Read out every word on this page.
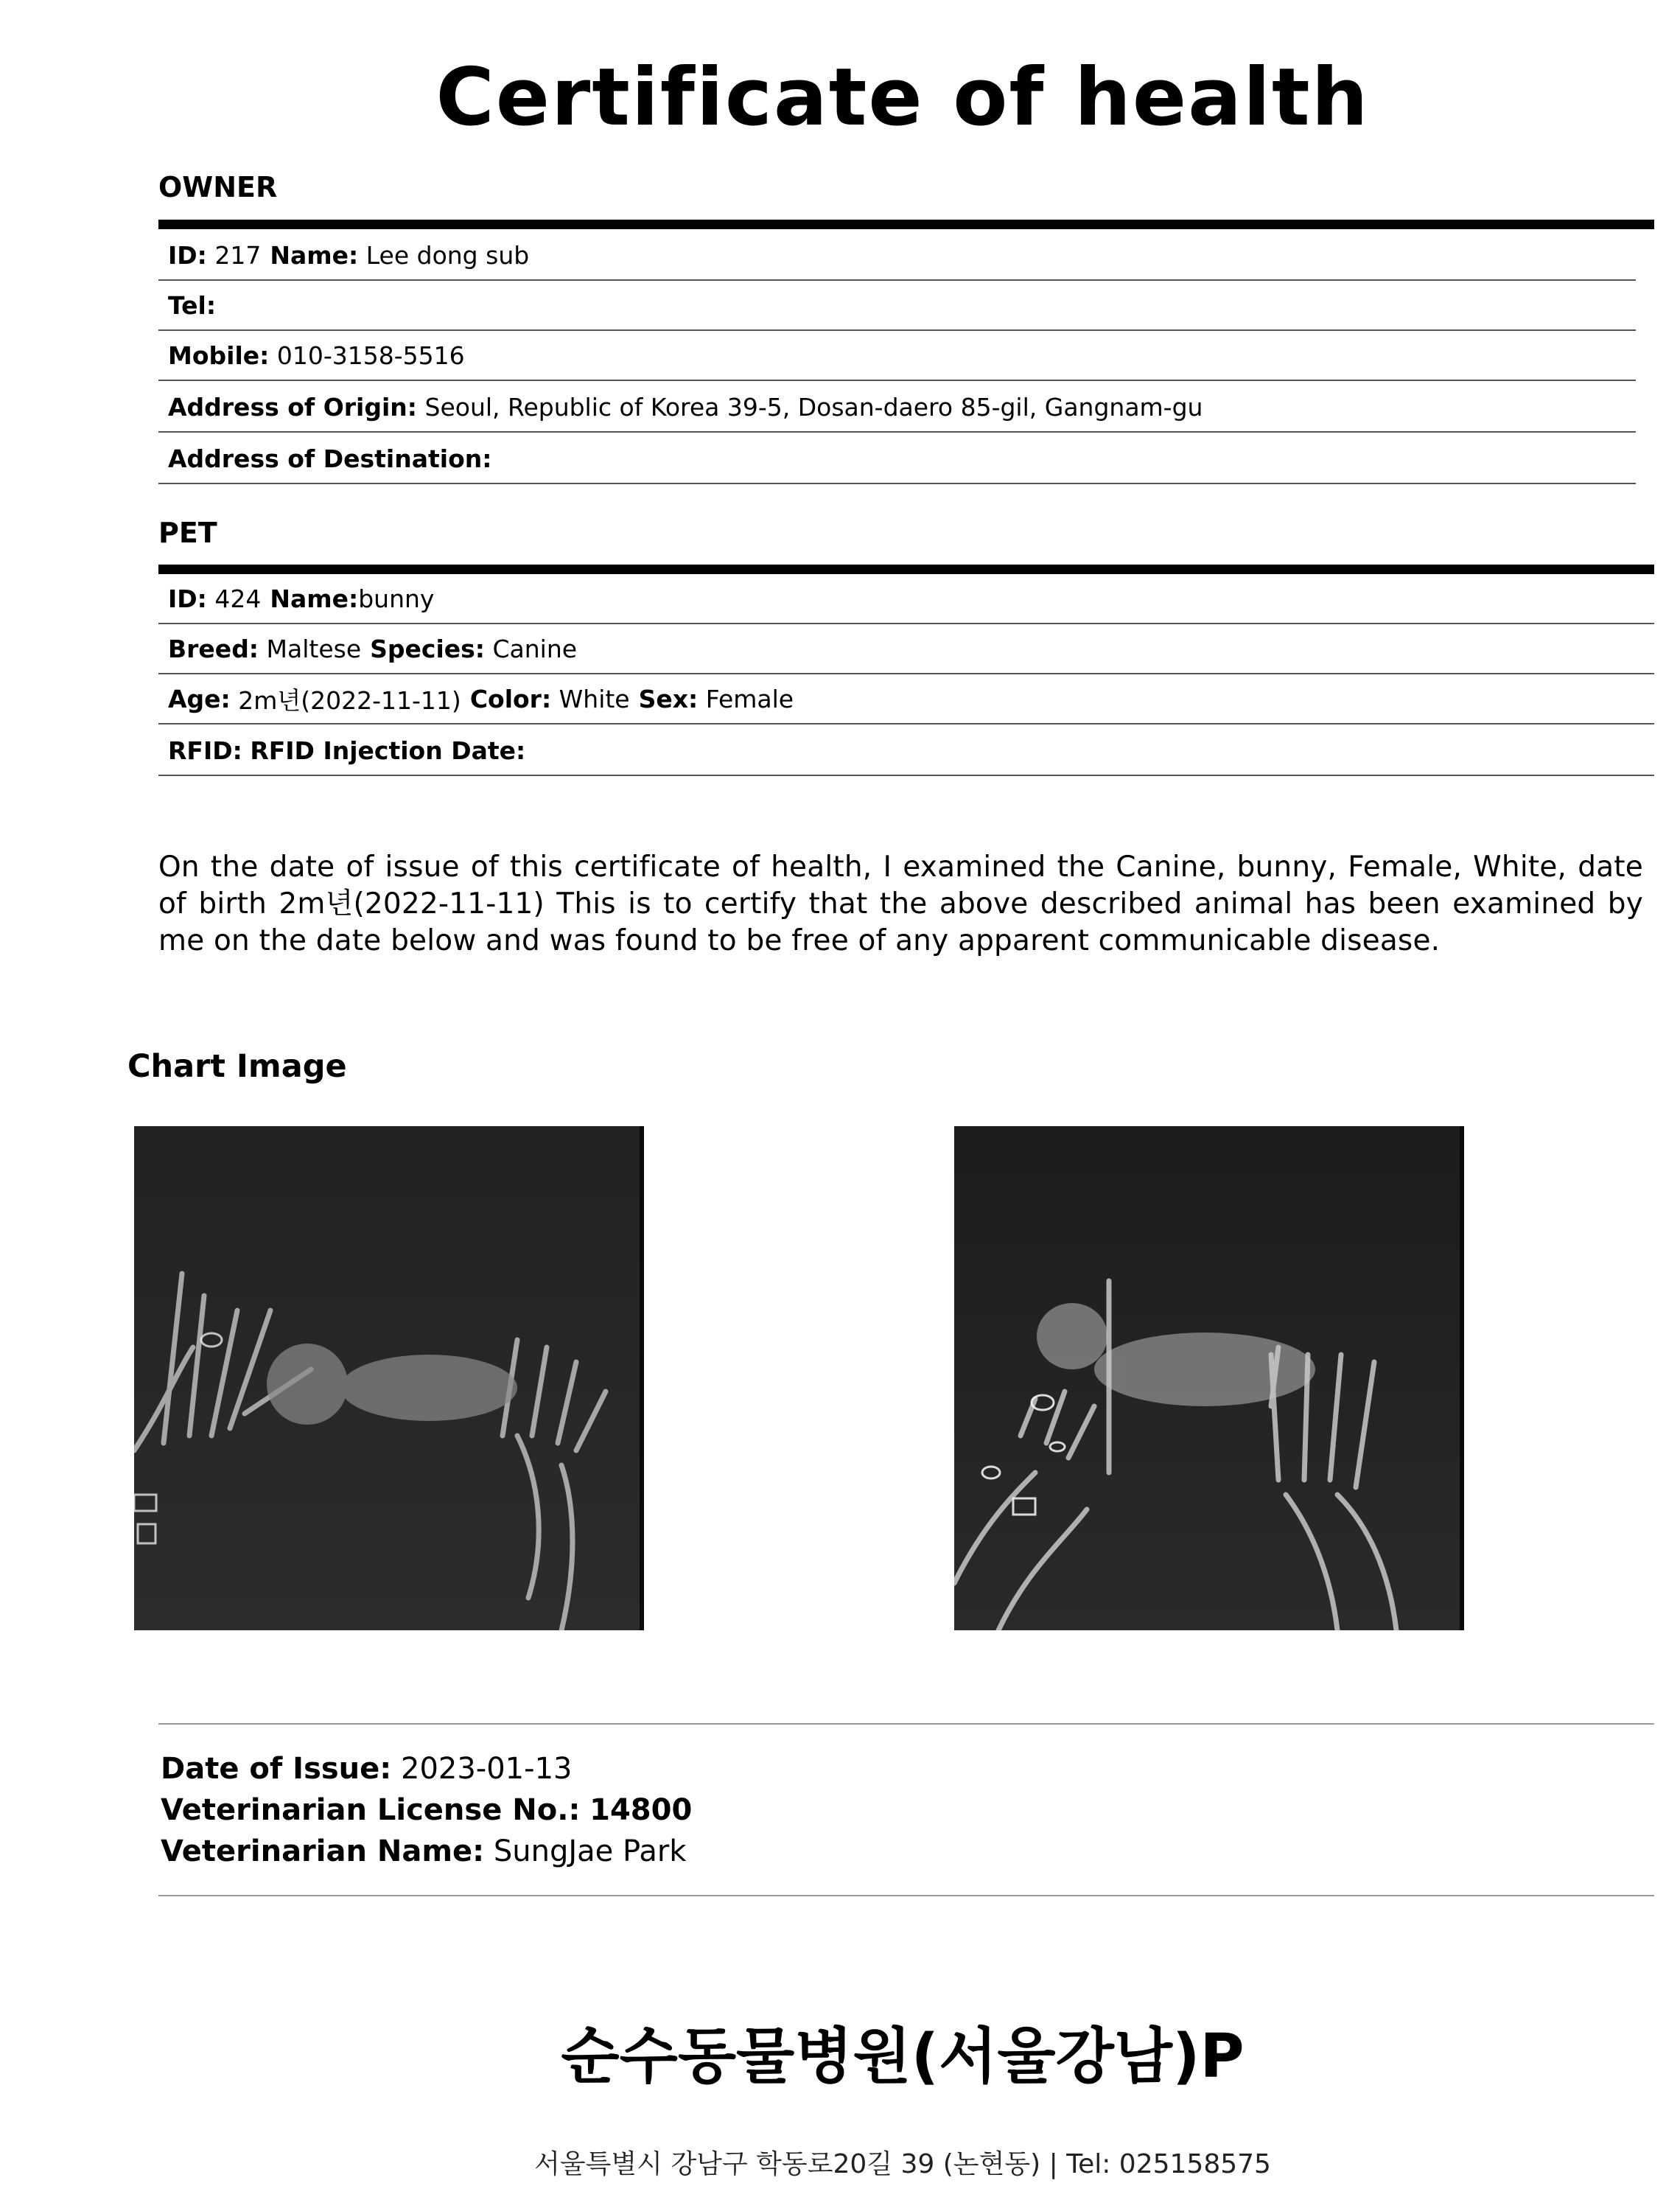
Certificate of health
OWNER
ID:
217 Name:
Lee dong sub
Tel:

Mobile:
010-3158-5516
Address of Origin:
Seoul, Republic of Korea 39-5, Dosan-daero 85-gil, Gangnam-gu
Address of Destination:

PET
ID:
424 Name: bunny
Breed:
Maltese Species:
Canine
Age:
2m년(2022-11-11) Color:
White Sex:
Female
RFID:
RFID Injection Date:

On the date of issue of this certificate of health, I examined the Canine, bunny, Female, White, date of birth 2m년(2022-11-11) This is to certify that the above described animal has been examined by me on the date below and was found to be free of any apparent communicable disease.

Chart Image
Date of Issue: 2023-01-13
Veterinarian License No.: 14800
Veterinarian Name: SungJae Park
순수동물병원(서울강남)P
서울특별시 강남구 학동로20길 39 (논현동) | Tel: 025158575
